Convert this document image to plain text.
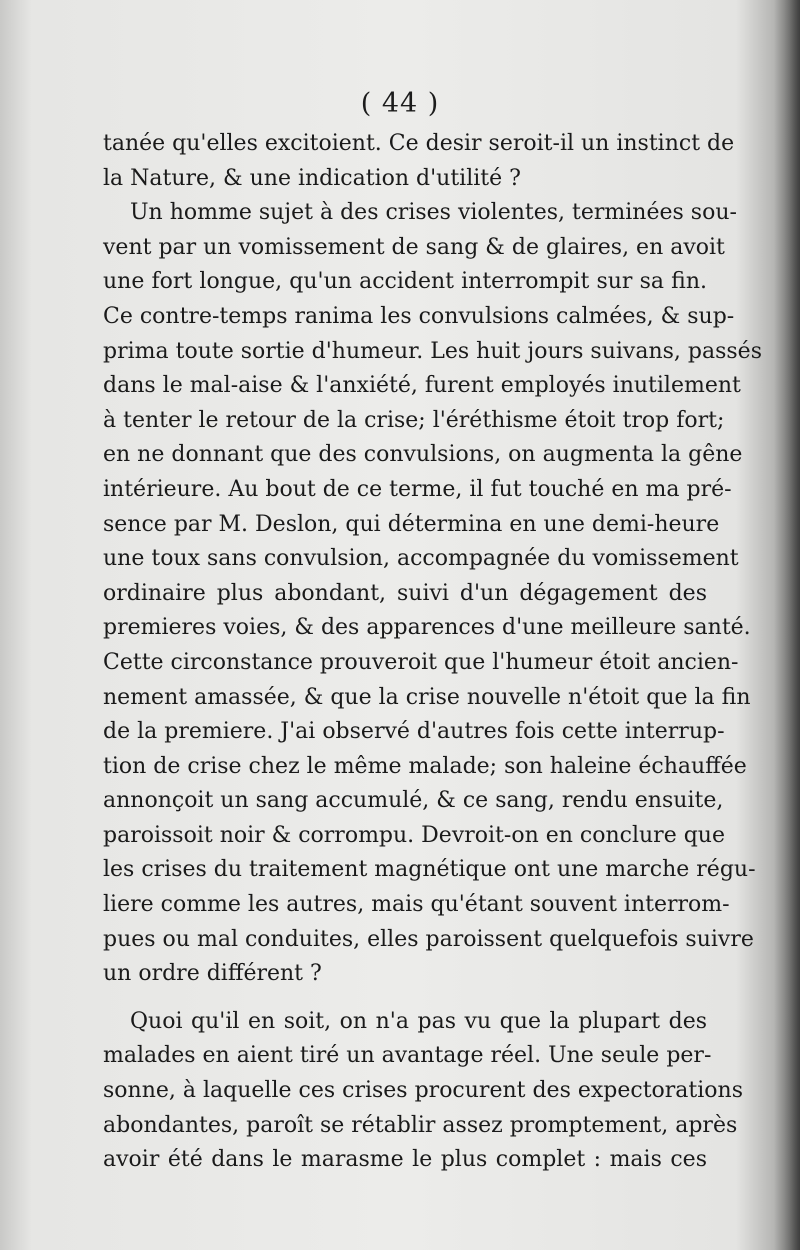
( 44 )
tanée qu'elles excitoient. Ce desir seroit-il un instinct de
la Nature, & une indication d'utilité ?
Un homme sujet à des crises violentes, terminées sou-
vent par un vomissement de sang & de glaires, en avoit
une fort longue, qu'un accident interrompit sur sa fin.
Ce contre-temps ranima les convulsions calmées, & sup-
prima toute sortie d'humeur. Les huit jours suivans, passés
dans le mal-aise & l'anxiété, furent employés inutilement
à tenter le retour de la crise; l'éréthisme étoit trop fort;
en ne donnant que des convulsions, on augmenta la gêne
intérieure. Au bout de ce terme, il fut touché en ma pré-
sence par M. Deslon, qui détermina en une demi-heure
une toux sans convulsion, accompagnée du vomissement
ordinaire plus abondant, suivi d'un dégagement des
premieres voies, & des apparences d'une meilleure santé.
Cette circonstance prouveroit que l'humeur étoit ancien-
nement amassée, & que la crise nouvelle n'étoit que la fin
de la premiere. J'ai observé d'autres fois cette interrup-
tion de crise chez le même malade; son haleine échauffée
annonçoit un sang accumulé, & ce sang, rendu ensuite,
paroissoit noir & corrompu. Devroit-on en conclure que
les crises du traitement magnétique ont une marche régu-
liere comme les autres, mais qu'étant souvent interrom-
pues ou mal conduites, elles paroissent quelquefois suivre
un ordre différent ?
Quoi qu'il en soit, on n'a pas vu que la plupart des
malades en aient tiré un avantage réel. Une seule per-
sonne, à laquelle ces crises procurent des expectorations
abondantes, paroît se rétablir assez promptement, après
avoir été dans le marasme le plus complet : mais ces
